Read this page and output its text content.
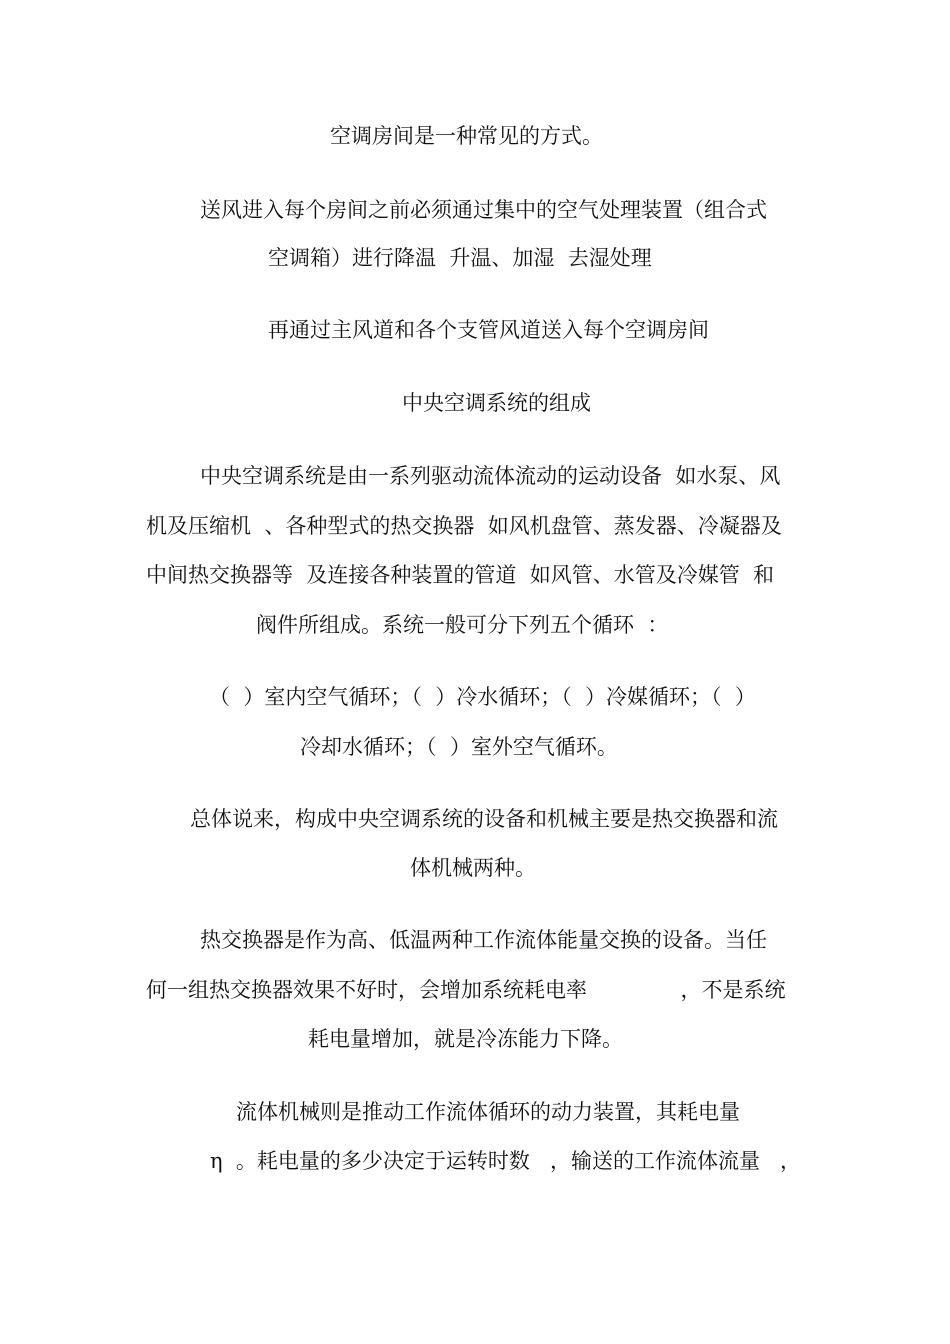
空调房间是一种常见的方式。
送风进入每个房间之前必须通过集中的空气处理装置（组合式
空调箱）进行降温  升温、加湿  去湿处理
再通过主风道和各个支管风道送入每个空调房间
中央空调系统的组成
中央空调系统是由一系列驱动流体流动的运动设备  如水泵、风
机及压缩机  、各种型式的热交换器  如风机盘管、蒸发器、冷凝器及
中间热交换器等  及连接各种装置的管道  如风管、水管及冷媒管  和
阀件所组成。系统一般可分下列五个循环  ：
（  ）室内空气循环；（  ）冷水循环；（  ）冷媒循环；（  ）
冷却水循环；（  ）室外空气循环。
总体说来，构成中央空调系统的设备和机械主要是热交换器和流
体机械两种。
热交换器是作为高、低温两种工作流体能量交换的设备。当任
何一组热交换器效果不好时，会增加系统耗电率              ，不是系统
耗电量增加，就是冷冻能力下降。
流体机械则是推动工作流体循环的动力装置，其耗电量
η  。耗电量的多少决定于运转时数   ，输送的工作流体流量   ，
